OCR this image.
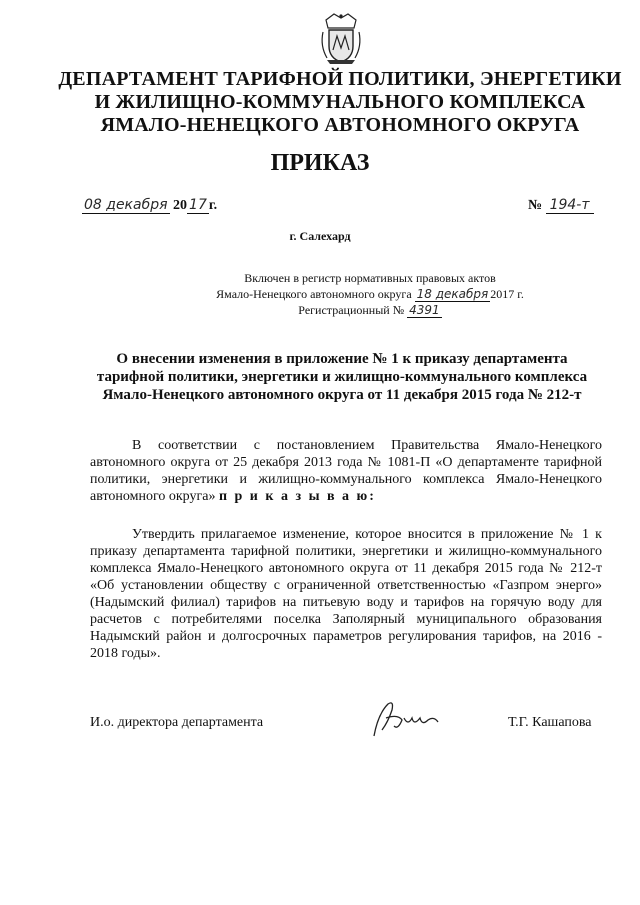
ДЕПАРТАМЕНТ ТАРИФНОЙ ПОЛИТИКИ, ЭНЕРГЕТИКИ
И ЖИЛИЩНО-КОММУНАЛЬНОГО КОМПЛЕКСА
ЯМАЛО-НЕНЕЦКОГО АВТОНОМНОГО ОКРУГА
ПРИКАЗ
08 декабря 20 17 г.	№ 194-т
г. Салехард
Включен в регистр нормативных правовых актов
Ямало-Ненецкого автономного округа 18 декабря 2017 г.
Регистрационный № 4391
О внесении изменения в приложение № 1 к приказу департамента
тарифной политики, энергетики и жилищно-коммунального комплекса
Ямало-Ненецкого автономного округа от 11 декабря 2015 года № 212-т
В соответствии с постановлением Правительства Ямало-Ненецкого автономного округа от 25 декабря 2013 года № 1081-П «О департаменте тарифной политики, энергетики и жилищно-коммунального комплекса Ямало-Ненецкого автономного округа» п р и к а з ы в а ю:
Утвердить прилагаемое изменение, которое вносится в приложение № 1 к приказу департамента тарифной политики, энергетики и жилищно-коммунального комплекса Ямало-Ненецкого автономного округа от 11 декабря 2015 года № 212-т «Об установлении обществу с ограниченной ответственностью «Газпром энерго» (Надымский филиал) тарифов на питьевую воду и тарифов на горячую воду для расчетов с потребителями поселка Заполярный муниципального образования Надымский район и долгосрочных параметров регулирования тарифов, на 2016 - 2018 годы».
И.о. директора департамента	Т.Г. Кашапова
